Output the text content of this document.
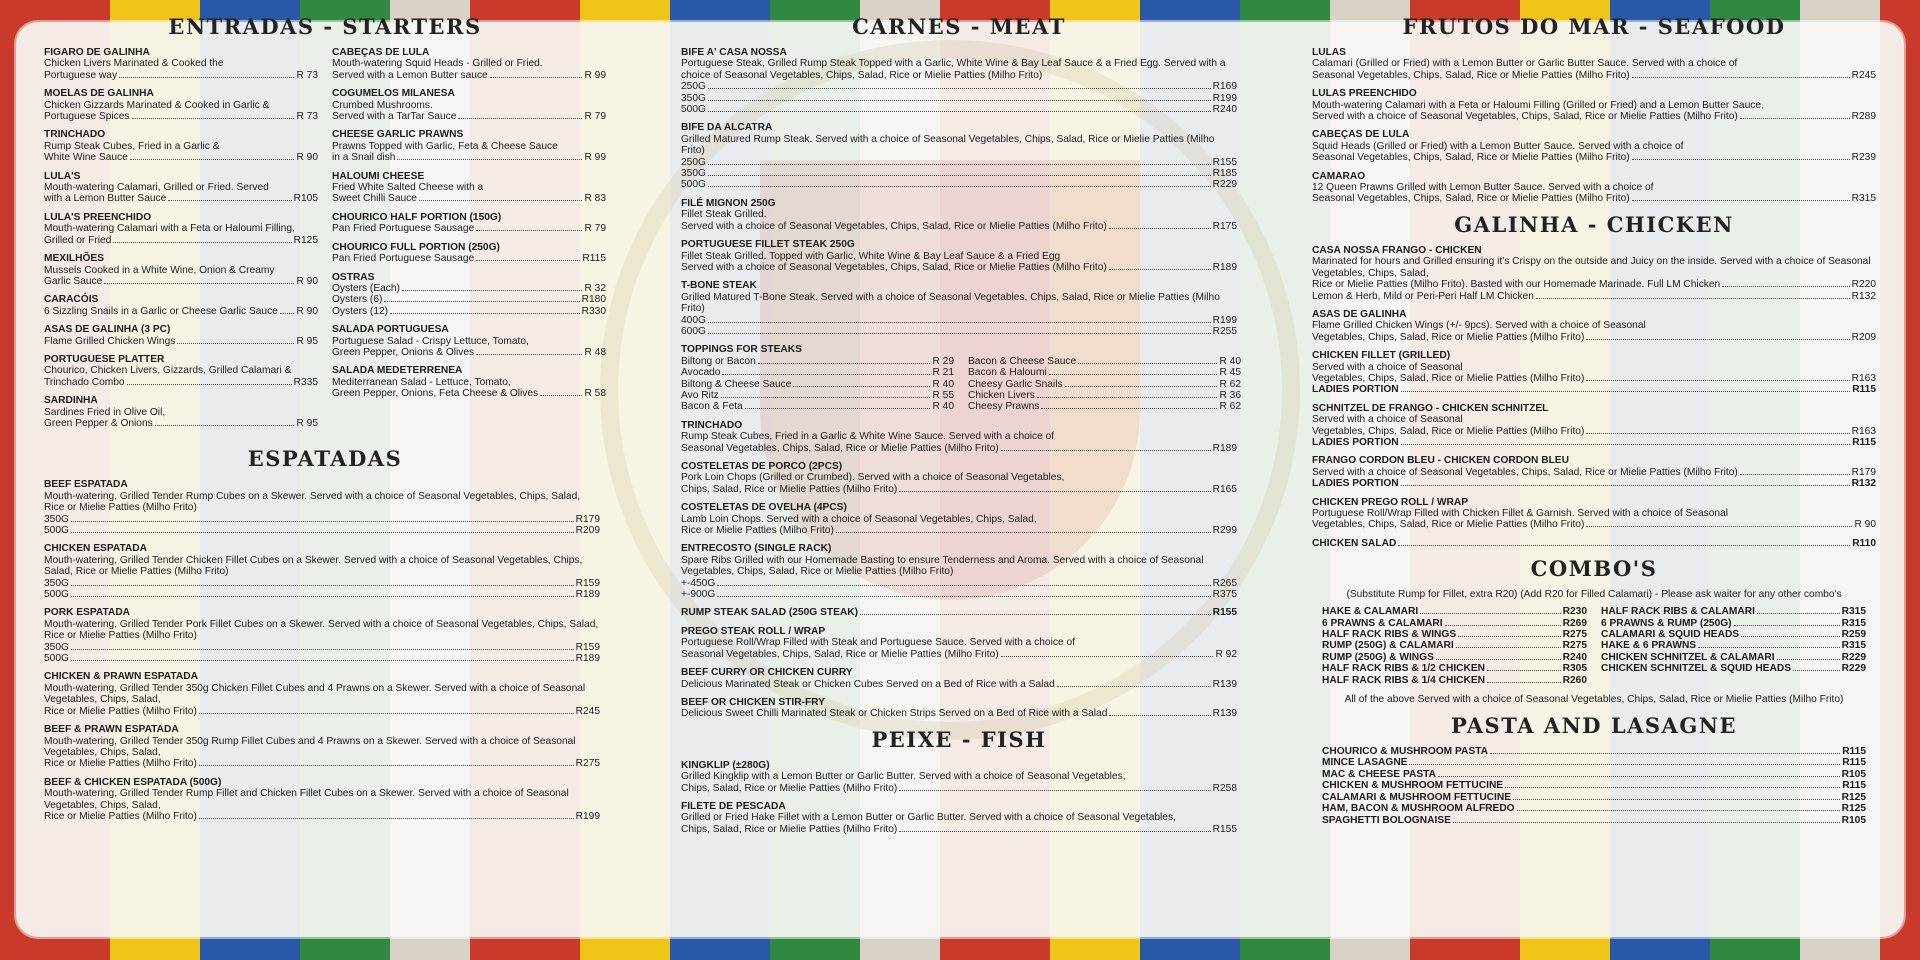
ENTRADAS - STARTERS
FIGARO DE GALINHA
Chicken Livers Marinated & Cooked the
Portuguese way	R 73
MOELAS DE GALINHA
Chicken Gizzards Marinated & Cooked in Garlic &
Portuguese Spices	R 73
TRINCHADO
Rump Steak Cubes, Fried in a Garlic &
White Wine Sauce	R 90
LULA'S
Mouth-watering Calamari, Grilled or Fried. Served
with a Lemon Butter Sauce	R105
LULA'S PREENCHIDO
Mouth-watering Calamari with a Feta or Haloumi Filling,
Grilled or Fried	R125
MEXILHÕES
Mussels Cooked in a White Wine, Onion & Creamy
Garlic Sauce	R 90
CARACÓIS
6 Sizzling Snails in a Garlic or Cheese Garlic Sauce R 90
ASAS DE GALINHA (3 PC)
Flame Grilled Chicken Wings	R 95
PORTUGUESE PLATTER
Chourico, Chicken Livers, Gizzards, Grilled Calamari &
Trinchado Combo	R335
SARDINHA
Sardines Fried in Olive Oil,
Green Pepper & Onions	R 95
CABEÇAS DE LULA
Mouth-watering Squid Heads - Grilled or Fried.
Served with a Lemon Butter sauce	R 99
COGUMELOS MILANESA
Crumbed Mushrooms.
Served with a TarTar Sauce	R 79
CHEESE GARLIC PRAWNS
Prawns Topped with Garlic, Feta & Cheese Sauce
in a Snail dish	R 99
HALOUMI CHEESE
Fried White Salted Cheese with a
Sweet Chilli Sauce	R 83
CHOURICO HALF PORTION (150G)
Pan Fried Portuguese Sausage	R 79
CHOURICO FULL PORTION (250G)
Pan Fried Portuguese Sausage	R115
OSTRAS
Oysters (Each)	R 32
Oysters (6)	R180
Oysters (12)	R330
SALADA PORTUGUESA
Portuguese Salad - Crispy Lettuce, Tomato,
Green Pepper, Onions & Olives	R 48
SALADA MEDETERRENEA
Mediterranean Salad - Lettuce, Tomato,
Green Pepper, Onions, Feta Cheese & Olives	R 58
ESPATADAS
BEEF ESPATADA
Mouth-watering, Grilled Tender Rump Cubes on a Skewer. Served with a choice of Seasonal Vegetables, Chips, Salad, Rice or Mielie Patties (Milho Frito)
350G	R179
500G	R209
CHICKEN ESPATADA
Mouth-watering, Grilled Tender Chicken Fillet Cubes on a Skewer. Served with a choice of Seasonal Vegetables, Chips, Salad, Rice or Mielie Patties (Milho Frito)
350G	R159
500G	R189
PORK ESPATADA
Mouth-watering, Grilled Tender Pork Fillet Cubes on a Skewer. Served with a choice of Seasonal Vegetables, Chips, Salad, Rice or Mielie Patties (Milho Frito)
350G	R159
500G	R189
CHICKEN & PRAWN ESPATADA
Mouth-watering, Grilled Tender 350g Chicken Fillet Cubes and 4 Prawns on a Skewer. Served with a choice of Seasonal Vegetables, Chips, Salad,
Rice or Mielie Patties (Milho Frito)	R245
BEEF & PRAWN ESPATADA
Mouth-watering, Grilled Tender 350g Rump Fillet Cubes and 4 Prawns on a Skewer. Served with a choice of Seasonal Vegetables, Chips, Salad,
Rice or Mielie Patties (Milho Frito)	R275
BEEF & CHICKEN ESPATADA (500G)
Mouth-watering, Grilled Tender Rump Fillet and Chicken Fillet Cubes on a Skewer. Served with a choice of Seasonal Vegetables, Chips, Salad,
Rice or Mielie Patties (Milho Frito)	R199
CARNES - MEAT
BIFE A' CASA NOSSA
Portuguese Steak, Grilled Rump Steak Topped with a Garlic, White Wine & Bay Leaf Sauce & a Fried Egg. Served with a choice of Seasonal Vegetables, Chips, Salad, Rice or Mielie Patties (Milho Frito)
250G	R169
350G	R199
500G	R240
BIFE DA ALCATRA
Grilled Matured Rump Steak. Served with a choice of Seasonal Vegetables, Chips, Salad, Rice or Mielie Patties (Milho Frito)
250G	R155
350G	R185
500G	R229
FILÉ MIGNON 250G
Fillet Steak Grilled.
Served with a choice of Seasonal Vegetables, Chips, Salad, Rice or Mielie Patties (Milho Frito)	R175
PORTUGUESE FILLET STEAK 250G
Fillet Steak Grilled. Topped with Garlic, White Wine & Bay Leaf Sauce & a Fried Egg
Served with a choice of Seasonal Vegetables, Chips, Salad, Rice or Mielie Patties (Milho Frito)	R189
T-BONE STEAK
Grilled Matured T-Bone Steak. Served with a choice of Seasonal Vegetables, Chips, Salad, Rice or Mielie Patties (Milho Frito)
400G	R199
600G	R255
TOPPINGS FOR STEAKS
Biltong or Bacon	R 29
Avocado	R 21
Biltong & Cheese Sauce	R 40
Avo Ritz	R 55
Bacon & Feta	R 40
Bacon & Cheese Sauce	R 40
Bacon & Haloumi	R 45
Cheesy Garlic Snails	R 62
Chicken Livers	R 36
Cheesy Prawns	R 62
TRINCHADO
Rump Steak Cubes, Fried in a Garlic & White Wine Sauce. Served with a choice of
Seasonal Vegetables, Chips, Salad, Rice or Mielie Patties (Milho Frito)	R189
COSTELETAS DE PORCO (2PCS)
Pork Loin Chops (Grilled or Crumbed). Served with a choice of Seasonal Vegetables,
Chips, Salad, Rice or Mielie Patties (Milho Frito)	R165
COSTELETAS DE OVELHA (4PCS)
Lamb Loin Chops. Served with a choice of Seasonal Vegetables, Chips, Salad,
Rice or Mielie Patties (Milho Frito)	R299
ENTRECOSTO (SINGLE RACK)
Spare Ribs Grilled with our Homemade Basting to ensure Tenderness and Aroma. Served with a choice of Seasonal Vegetables, Chips, Salad, Rice or Mielie Patties (Milho Frito)
+-450G	R265
+-900G	R375
RUMP STEAK SALAD (250G STEAK)	R155
PREGO STEAK ROLL / WRAP
Portuguese Roll/Wrap Filled with Steak and Portuguese Sauce. Served with a choice of
Seasonal Vegetables, Chips, Salad, Rice or Mielie Patties (Milho Frito)	R 92
BEEF CURRY OR CHICKEN CURRY
Delicious Marinated Steak or Chicken Cubes Served on a Bed of Rice with a Salad	R139
BEEF OR CHICKEN STIR-FRY
Delicious Sweet Chilli Marinated Steak or Chicken Strips Served on a Bed of Rice with a Salad	R139
PEIXE - FISH
KINGKLIP (±280G)
Grilled Kingklip with a Lemon Butter or Garlic Butter. Served with a choice of Seasonal Vegetables,
Chips, Salad, Rice or Mielie Patties (Milho Frito)	R258
FILETE DE PESCADA
Grilled or Fried Hake Fillet with a Lemon Butter or Garlic Butter. Served with a choice of Seasonal Vegetables,
Chips, Salad, Rice or Mielie Patties (Milho Frito)	R155
FRUTOS DO MAR - SEAFOOD
LULAS
Calamari (Grilled or Fried) with a Lemon Butter or Garlic Butter Sauce. Served with a choice of
Seasonal Vegetables, Chips, Salad, Rice or Mielie Patties (Milho Frito)	R245
LULAS PREENCHIDO
Mouth-watering Calamari with a Feta or Haloumi Filling (Grilled or Fried) and a Lemon Butter Sauce.
Served with a choice of Seasonal Vegetables, Chips, Salad, Rice or Mielie Patties (Milho Frito)	R289
CABEÇAS DE LULA
Squid Heads (Grilled or Fried) with a Lemon Butter Sauce. Served with a choice of
Seasonal Vegetables, Chips, Salad, Rice or Mielie Patties (Milho Frito)	R239
CAMARAO
12 Queen Prawns Grilled with Lemon Butter Sauce. Served with a choice of
Seasonal Vegetables, Chips, Salad, Rice or Mielie Patties (Milho Frito)	R315
GALINHA - CHICKEN
CASA NOSSA FRANGO - CHICKEN
Marinated for hours and Grilled ensuring it's Crispy on the outside and Juicy on the inside. Served with a choice of Seasonal Vegetables, Chips, Salad,
Rice or Mielie Patties (Milho Frito). Basted with our Homemade Marinade. Full LM Chicken	R220
Lemon & Herb, Mild or Peri-Peri Half LM Chicken	R132
ASAS DE GALINHA
Flame Grilled Chicken Wings (+/- 9pcs). Served with a choice of Seasonal
Vegetables, Chips, Salad, Rice or Mielie Patties (Milho Frito)	R209
CHICKEN FILLET (GRILLED)
Served with a choice of Seasonal
Vegetables, Chips, Salad, Rice or Mielie Patties (Milho Frito)	R163
LADIES PORTION	R115
SCHNITZEL DE FRANGO - CHICKEN SCHNITZEL
Served with a choice of Seasonal
Vegetables, Chips, Salad, Rice or Mielie Patties (Milho Frito)	R163
LADIES PORTION	R115
FRANGO CORDON BLEU - CHICKEN CORDON BLEU
Served with a choice of Seasonal Vegetables, Chips, Salad, Rice or Mielie Patties (Milho Frito)	R179
LADIES PORTION	R132
CHICKEN PREGO ROLL / WRAP
Portuguese Roll/Wrap Filled with Chicken Fillet & Garnish. Served with a choice of Seasonal
Vegetables, Chips, Salad, Rice or Mielie Patties (Milho Frito)	R 90
CHICKEN SALAD	R110
COMBO'S
(Substitute Rump for Fillet, extra R20) (Add R20 for Filled Calamari) - Please ask waiter for any other combo's
HAKE & CALAMARI	R230
6 PRAWNS & CALAMARI	R269
HALF RACK RIBS & WINGS	R275
RUMP (250G) & CALAMARI	R275
RUMP (250G) & WINGS	R240
HALF RACK RIBS & 1/2 CHICKEN	R305
HALF RACK RIBS & 1/4 CHICKEN	R260
HALF RACK RIBS & CALAMARI	R315
6 PRAWNS & RUMP (250G)	R315
CALAMARI & SQUID HEADS	R259
HAKE & 6 PRAWNS	R315
CHICKEN SCHNITZEL & CALAMARI	R229
CHICKEN SCHNITZEL & SQUID HEADS	R229
All of the above Served with a choice of Seasonal Vegetables, Chips, Salad, Rice or Mielie Patties (Milho Frito)
PASTA AND LASAGNE
CHOURICO & MUSHROOM PASTA	R115
MINCE LASAGNE	R115
MAC & CHEESE PASTA	R105
CHICKEN & MUSHROOM FETTUCINE	R115
CALAMARI & MUSHROOM FETTUCINE	R125
HAM, BACON & MUSHROOM ALFREDO	R125
SPAGHETTI BOLOGNAISE	R105
